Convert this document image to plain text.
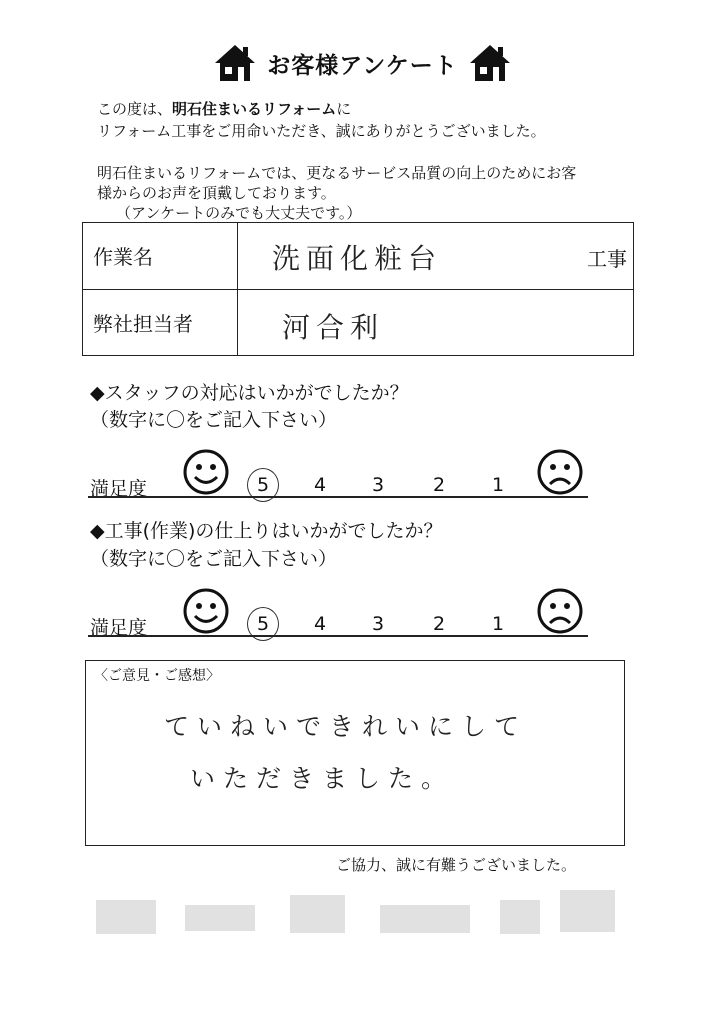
お客様アンケート
この度は、明石住まいるリフォームに
リフォーム工事をご用命いただき、誠にありがとうございました。
明石住まいるリフォームでは、更なるサービス品質の向上のためにお客
様からのお声を頂戴しております。
（アンケートのみでも大丈夫です。）
作業名	洗面化粧台 工事

弊社担当者	河合利
◆スタッフの対応はいかがでしたか？
（数字に〇をご記入下さい）
満足度	5 4 3	2 1
◆工事(作業)の仕上りはいかがでしたか？
（数字に〇をご記入下さい）
満足度	5 4 3	2 1
〈ご意見・ご感想〉
ていねいできれいにして
いただきました。
ご協力、誠に有難うございました。
